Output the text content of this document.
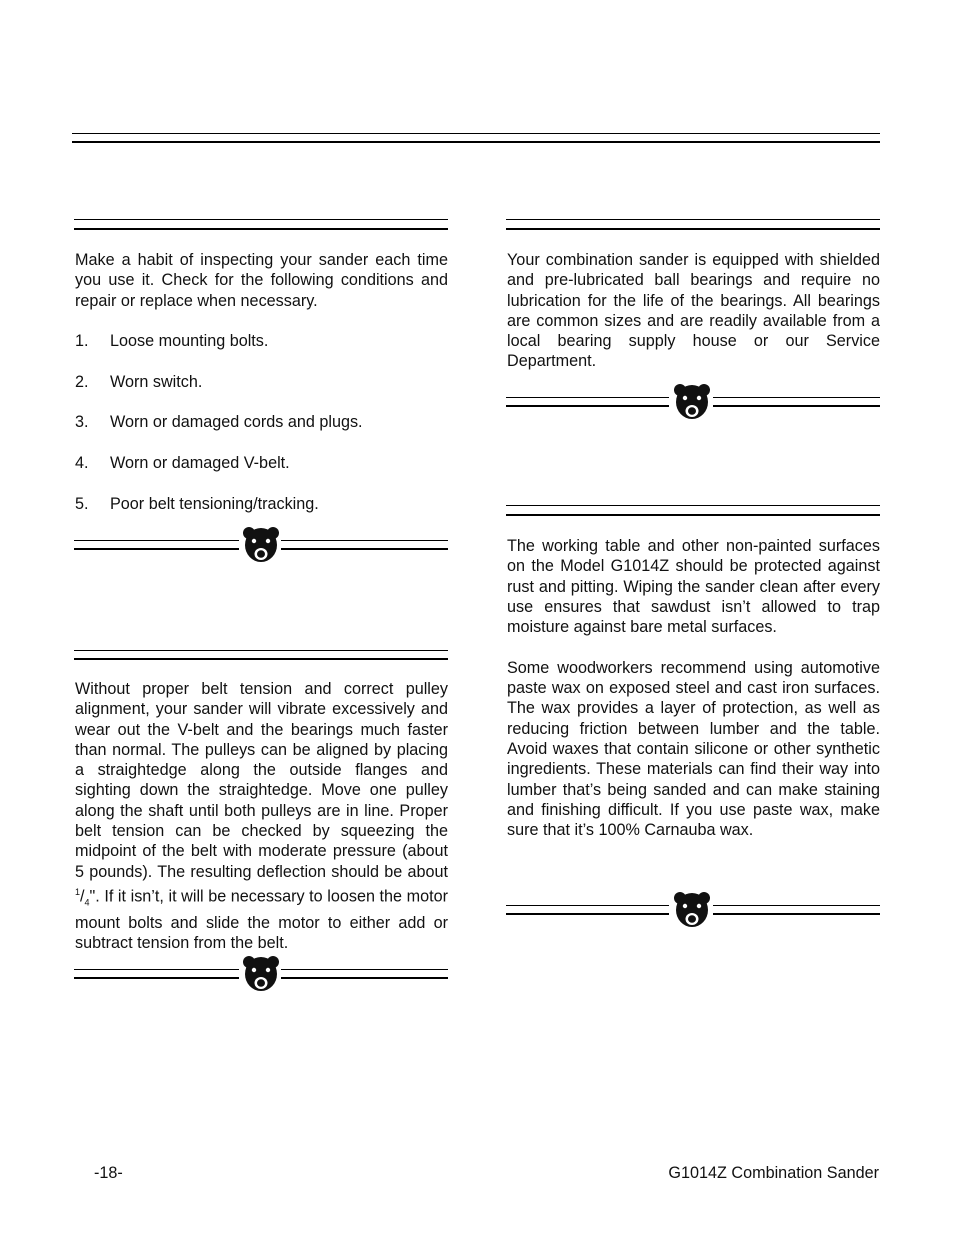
Make a habit of inspecting your sander each time you use it. Check for the following conditions and repair or replace when necessary.

1. Loose mounting bolts.
2. Worn switch.
3. Worn or damaged cords and plugs.
4. Worn or damaged V-belt.
5. Poor belt tensioning/tracking.

Without proper belt tension and correct pulley alignment, your sander will vibrate excessively and wear out the V-belt and the bearings much faster than normal. The pulleys can be aligned by placing a straightedge along the outside flanges and sighting down the straightedge. Move one pulley along the shaft until both pulleys are in line. Proper belt tension can be checked by squeezing the midpoint of the belt with moderate pressure (about 5 pounds). The resulting deflection should be about $^1/_4$". If it isn’t, it will be necessary to loosen the motor mount bolts and slide the motor to either add or subtract tension from the belt.

Your combination sander is equipped with shielded and pre-lubricated ball bearings and require no lubrication for the life of the bearings. All bearings are common sizes and are readily available from a local bearing supply house or our Service Department.

The working table and other non-painted surfaces on the Model G1014Z should be protected against rust and pitting. Wiping the sander clean after every use ensures that sawdust isn’t allowed to trap moisture against bare metal surfaces.

Some woodworkers recommend using automotive paste wax on exposed steel and cast iron surfaces. The wax provides a layer of protection, as well as reducing friction between lumber and the table. Avoid waxes that contain silicone or other synthetic ingredients. These materials can find their way into lumber that’s being sanded and can make staining and finishing difficult. If you use paste wax, make sure that it’s 100% Carnauba wax.

-18-	G1014Z Combination Sander
